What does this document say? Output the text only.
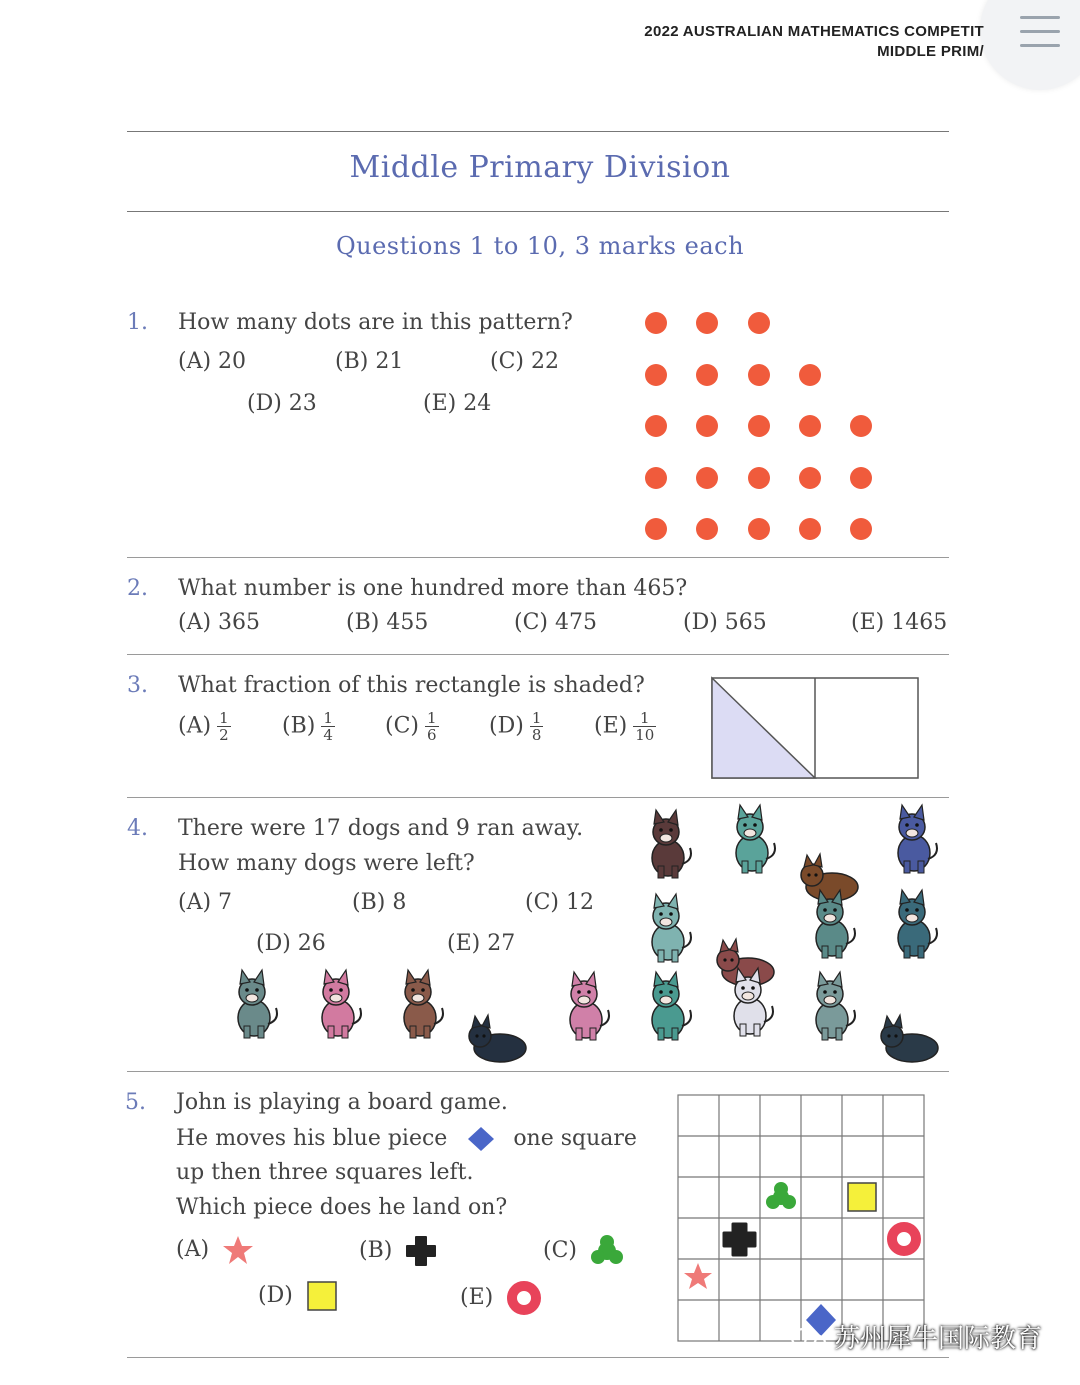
2022 AUSTRALIAN MATHEMATICS COMPETIT
MIDDLE PRIM/
Middle Primary Division
Questions 1 to 10, 3 marks each
1. How many dots are in this pattern?
(A) 20	(B) 21	(C) 22
(D) 23	(E) 24
2. What number is one hundred more than 465?
(A) 365	(B) 455	(C) 475	(D) 565	(E) 1465
3. What fraction of this rectangle is shaded?
$(A) \frac{1}{2} (B) \frac{1}{4} (C) \frac{1}{6} (D) \frac{1}{8} (E) \frac{1}{10}$
4. There were 17 dogs and 9 ran away.
How many dogs were left?
(A) 7	(B) 8	(C) 12
(D) 26	(E) 27
5. John is playing a board game.
He moves his blue piece	one square
up then three squares left.
Which piece does he land on?
(A)	(B)	(C)
(D)	(E)
苏州犀牛国际教育
